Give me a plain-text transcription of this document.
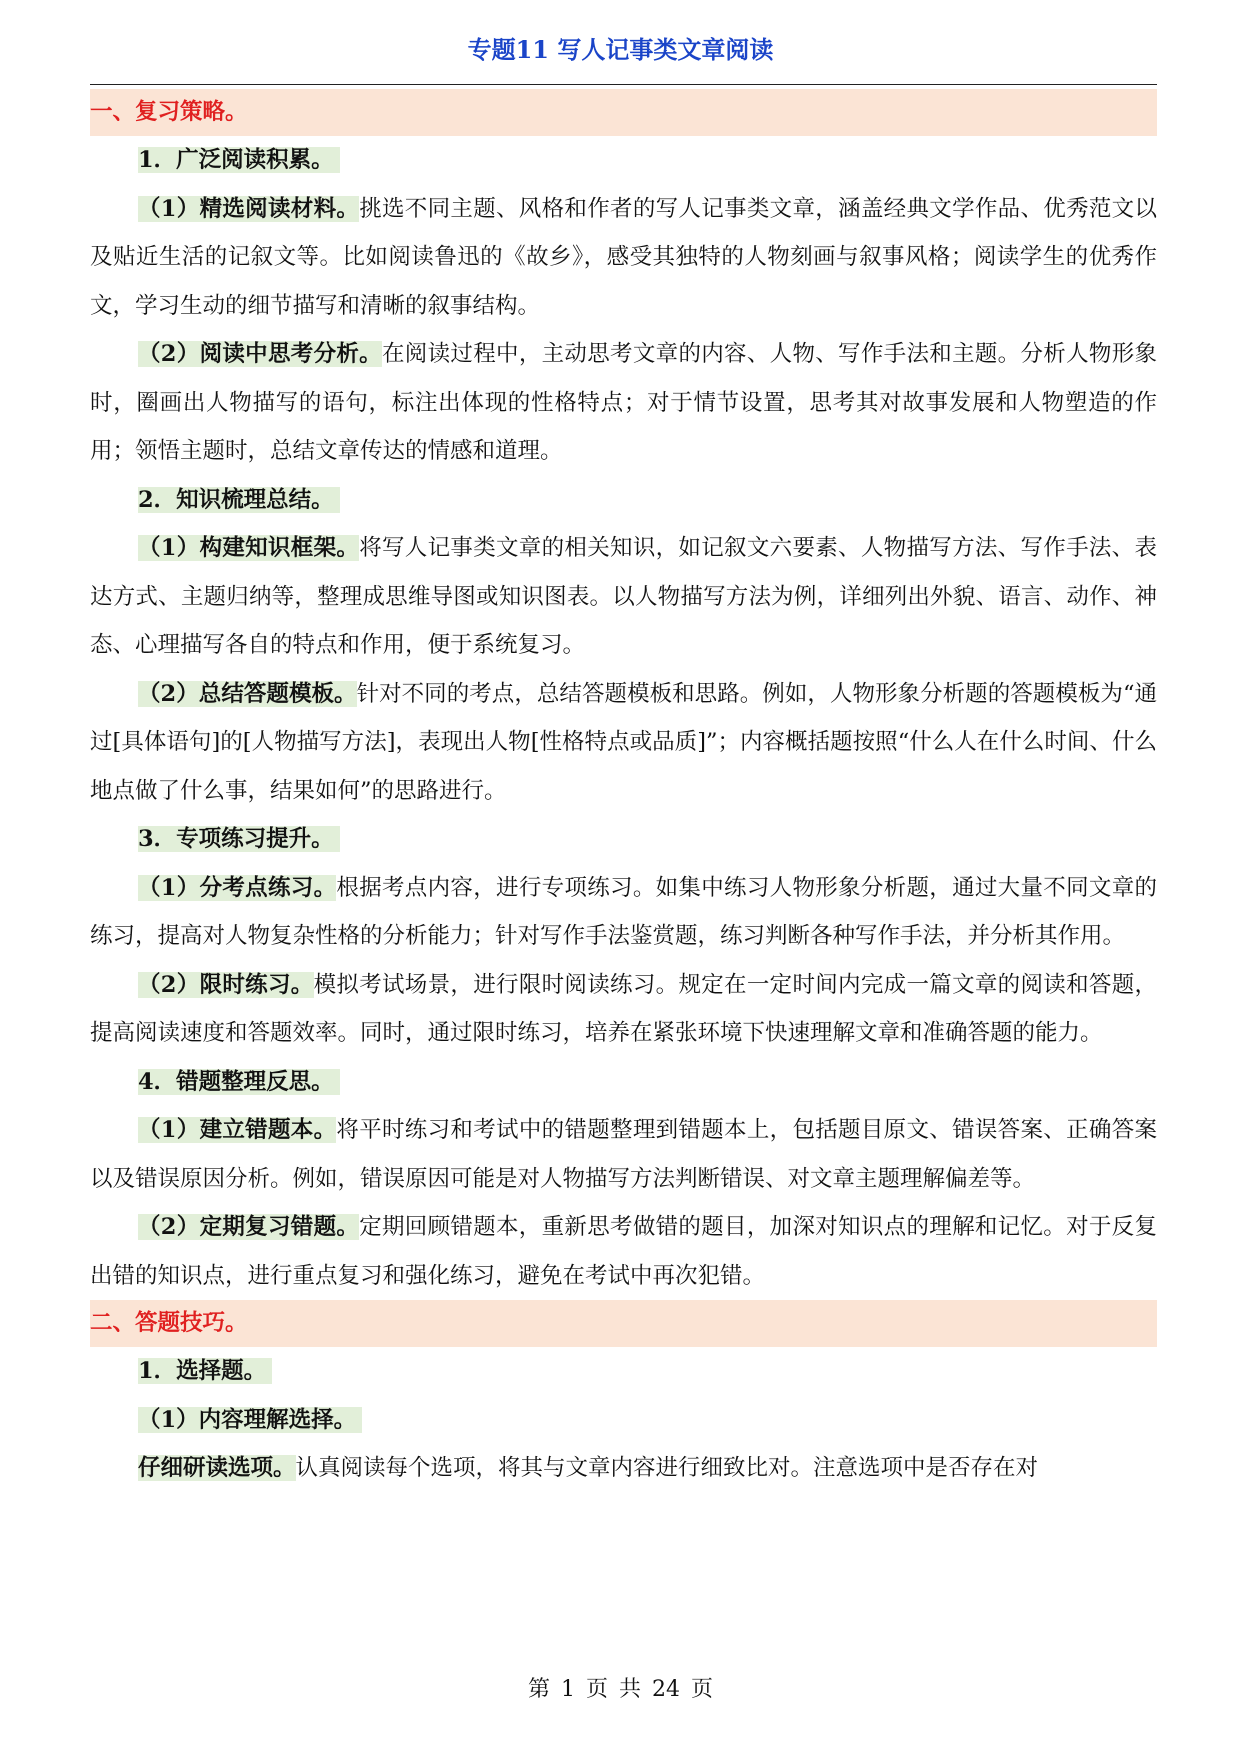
专题11 写人记事类文章阅读

一、复习策略。

1．广泛阅读积累。

（1）精选阅读材料。挑选不同主题、风格和作者的写人记事类文章，涵盖经典文学作品、优秀范文以及贴近生活的记叙文等。比如阅读鲁迅的《故乡》，感受其独特的人物刻画与叙事风格；阅读学生的优秀作文，学习生动的细节描写和清晰的叙事结构。

（2）阅读中思考分析。在阅读过程中，主动思考文章的内容、人物、写作手法和主题。分析人物形象时，圈画出人物描写的语句，标注出体现的性格特点；对于情节设置，思考其对故事发展和人物塑造的作用；领悟主题时，总结文章传达的情感和道理。

2．知识梳理总结。

（1）构建知识框架。将写人记事类文章的相关知识，如记叙文六要素、人物描写方法、写作手法、表达方式、主题归纳等，整理成思维导图或知识图表。以人物描写方法为例，详细列出外貌、语言、动作、神态、心理描写各自的特点和作用，便于系统复习。

（2）总结答题模板。针对不同的考点，总结答题模板和思路。例如，人物形象分析题的答题模板为“通过[具体语句]的[人物描写方法]，表现出人物[性格特点或品质]”；内容概括题按照“什么人在什么时间、什么地点做了什么事，结果如何”的思路进行。

3．专项练习提升。

（1）分考点练习。根据考点内容，进行专项练习。如集中练习人物形象分析题，通过大量不同文章的练习，提高对人物复杂性格的分析能力；针对写作手法鉴赏题，练习判断各种写作手法，并分析其作用。

（2）限时练习。模拟考试场景，进行限时阅读练习。规定在一定时间内完成一篇文章的阅读和答题，提高阅读速度和答题效率。同时，通过限时练习，培养在紧张环境下快速理解文章和准确答题的能力。

4．错题整理反思。

（1）建立错题本。将平时练习和考试中的错题整理到错题本上，包括题目原文、错误答案、正确答案以及错误原因分析。例如，错误原因可能是对人物描写方法判断错误、对文章主题理解偏差等。

（2）定期复习错题。定期回顾错题本，重新思考做错的题目，加深对知识点的理解和记忆。对于反复出错的知识点，进行重点复习和强化练习，避免在考试中再次犯错。

二、答题技巧。

1．选择题。

（1）内容理解选择。

仔细研读选项。认真阅读每个选项，将其与文章内容进行细致比对。注意选项中是否存在对

第 1 页 共 24 页
